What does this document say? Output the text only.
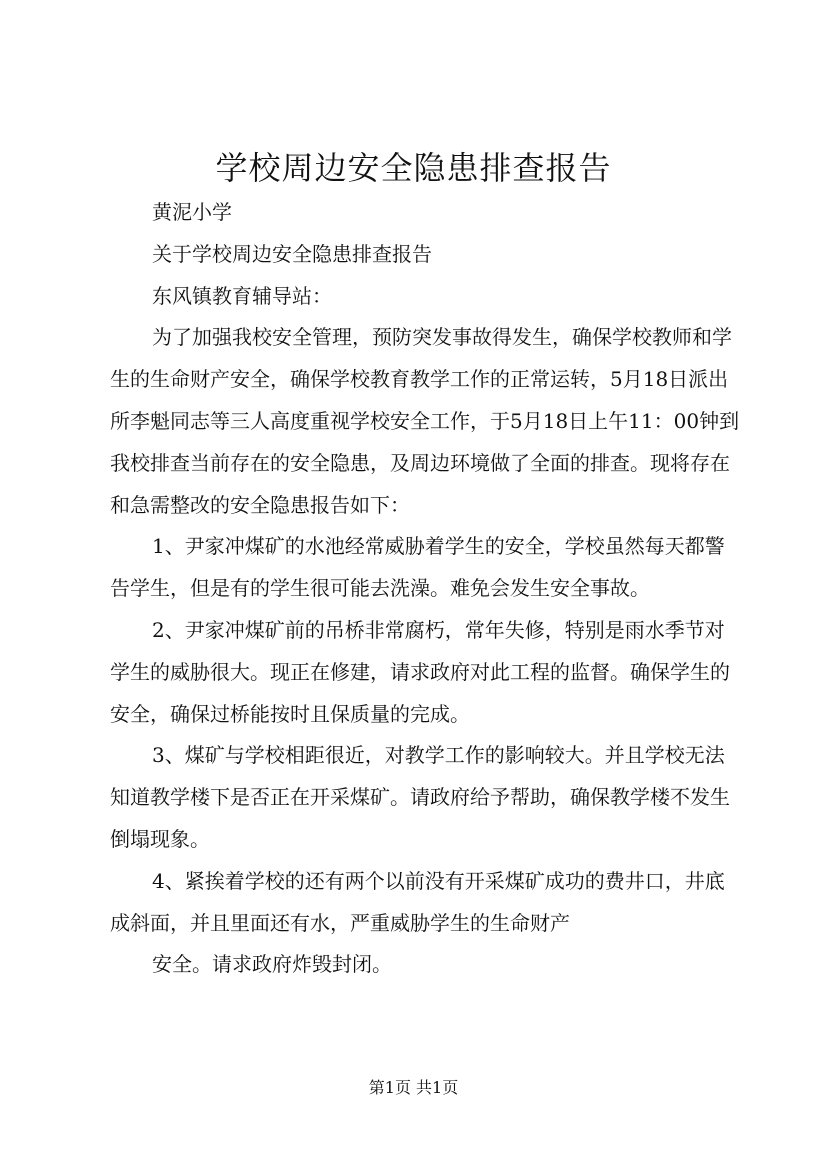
学校周边安全隐患排查报告

黄泥小学

关于学校周边安全隐患排查报告

东风镇教育辅导站：

为了加强我校安全管理，预防突发事故得发生，确保学校教师和学生的生命财产安全，确保学校教育教学工作的正常运转，5月18日派出所李魁同志等三人高度重视学校安全工作，于5月18日上午11：00钟到我校排查当前存在的安全隐患，及周边环境做了全面的排查。现将存在和急需整改的安全隐患报告如下：

1、尹家冲煤矿的水池经常威胁着学生的安全，学校虽然每天都警告学生，但是有的学生很可能去洗澡。难免会发生安全事故。

2、尹家冲煤矿前的吊桥非常腐朽，常年失修，特别是雨水季节对学生的威胁很大。现正在修建，请求政府对此工程的监督。确保学生的安全，确保过桥能按时且保质量的完成。

3、煤矿与学校相距很近，对教学工作的影响较大。并且学校无法知道教学楼下是否正在开采煤矿。请政府给予帮助，确保教学楼不发生倒塌现象。

4、紧挨着学校的还有两个以前没有开采煤矿成功的费井口，井底成斜面，并且里面还有水，严重威胁学生的生命财产

安全。请求政府炸毁封闭。

第1页 共1页
